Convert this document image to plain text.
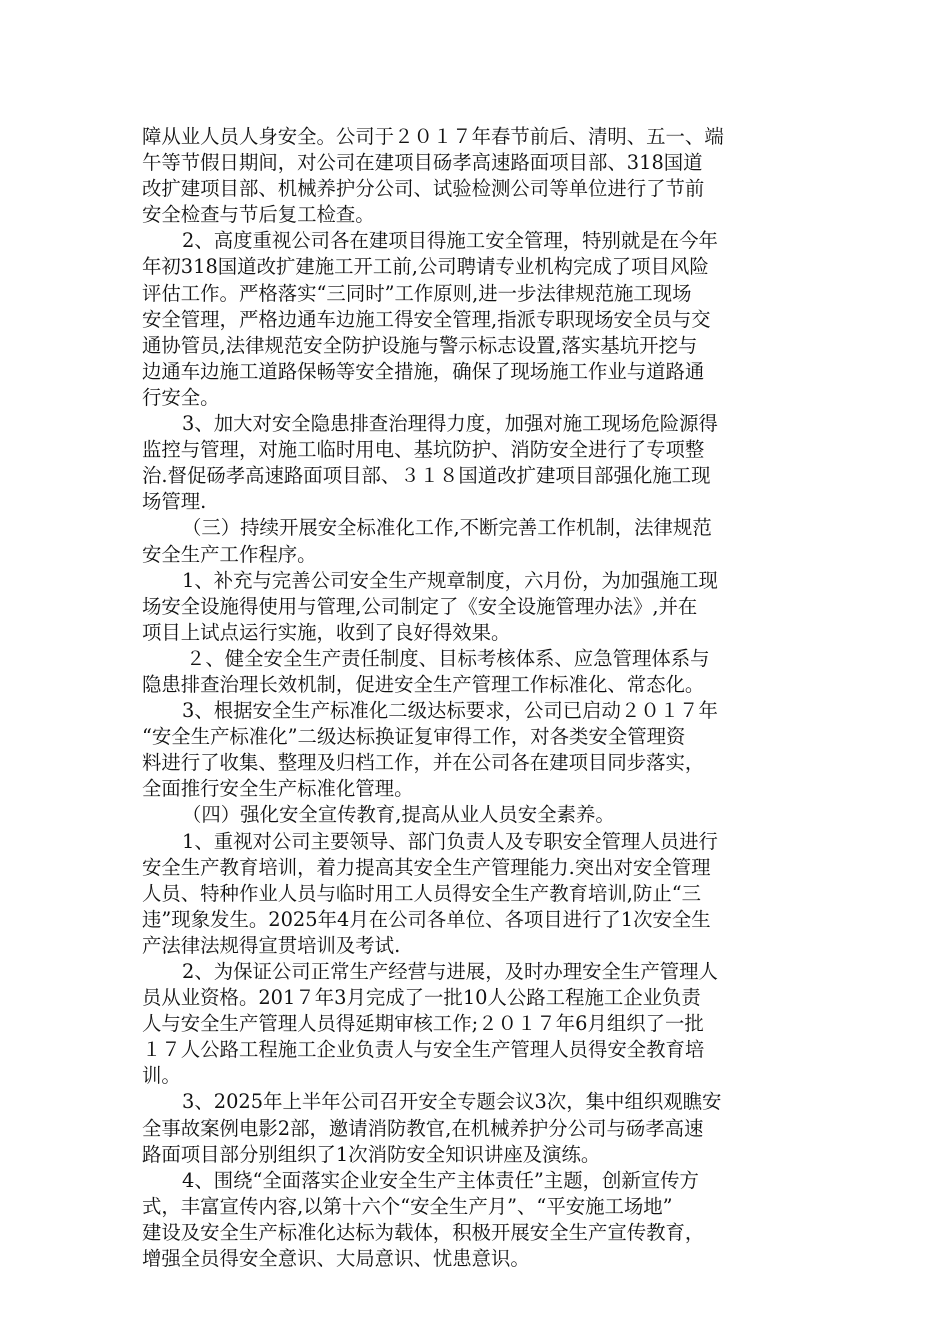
障从业人员人身安全。公司于２０１７年春节前后、清明、五一、端
午等节假日期间，对公司在建项目砀孝高速路面项目部、318国道
改扩建项目部、机械养护分公司、试验检测公司等单位进行了节前
安全检查与节后复工检查。
2、高度重视公司各在建项目得施工安全管理，特别就是在今年
年初318国道改扩建施工开工前,公司聘请专业机构完成了项目风险
评估工作。严格落实“三同时”工作原则,进一步法律规范施工现场
安全管理，严格边通车边施工得安全管理,指派专职现场安全员与交
通协管员,法律规范安全防护设施与警示标志设置,落实基坑开挖与
边通车边施工道路保畅等安全措施，确保了现场施工作业与道路通
行安全。
3、加大对安全隐患排查治理得力度，加强对施工现场危险源得
监控与管理，对施工临时用电、基坑防护、消防安全进行了专项整
治.督促砀孝高速路面项目部、３１８国道改扩建项目部强化施工现
场管理.
（三）持续开展安全标准化工作,不断完善工作机制，法律规范
安全生产工作程序。
1、补充与完善公司安全生产规章制度，六月份，为加强施工现
场安全设施得使用与管理,公司制定了《安全设施管理办法》,并在
项目上试点运行实施，收到了良好得效果。
２、健全安全生产责任制度、目标考核体系、应急管理体系与
隐患排查治理长效机制，促进安全生产管理工作标准化、常态化。
3、根据安全生产标准化二级达标要求，公司已启动２０１７年
“安全生产标准化”二级达标换证复审得工作，对各类安全管理资
料进行了收集、整理及归档工作，并在公司各在建项目同步落实，
全面推行安全生产标准化管理。
（四）强化安全宣传教育,提高从业人员安全素养。
1、重视对公司主要领导、部门负责人及专职安全管理人员进行
安全生产教育培训，着力提高其安全生产管理能力.突出对安全管理
人员、特种作业人员与临时用工人员得安全生产教育培训,防止“三
违”现象发生。2025年4月在公司各单位、各项目进行了1次安全生
产法律法规得宣贯培训及考试.
2、为保证公司正常生产经营与进展，及时办理安全生产管理人
员从业资格。201７年3月完成了一批10人公路工程施工企业负责
人与安全生产管理人员得延期审核工作;２０１７年6月组织了一批
１７人公路工程施工企业负责人与安全生产管理人员得安全教育培
训。
3、2025年上半年公司召开安全专题会议3次，集中组织观瞧安
全事故案例电影2部，邀请消防教官,在机械养护分公司与砀孝高速
路面项目部分别组织了1次消防安全知识讲座及演练。
4、围绕“全面落实企业安全生产主体责任”主题，创新宣传方
式，丰富宣传内容,以第十六个“安全生产月”、“平安施工场地”
建设及安全生产标准化达标为载体，积极开展安全生产宣传教育，
增强全员得安全意识、大局意识、忧患意识。
